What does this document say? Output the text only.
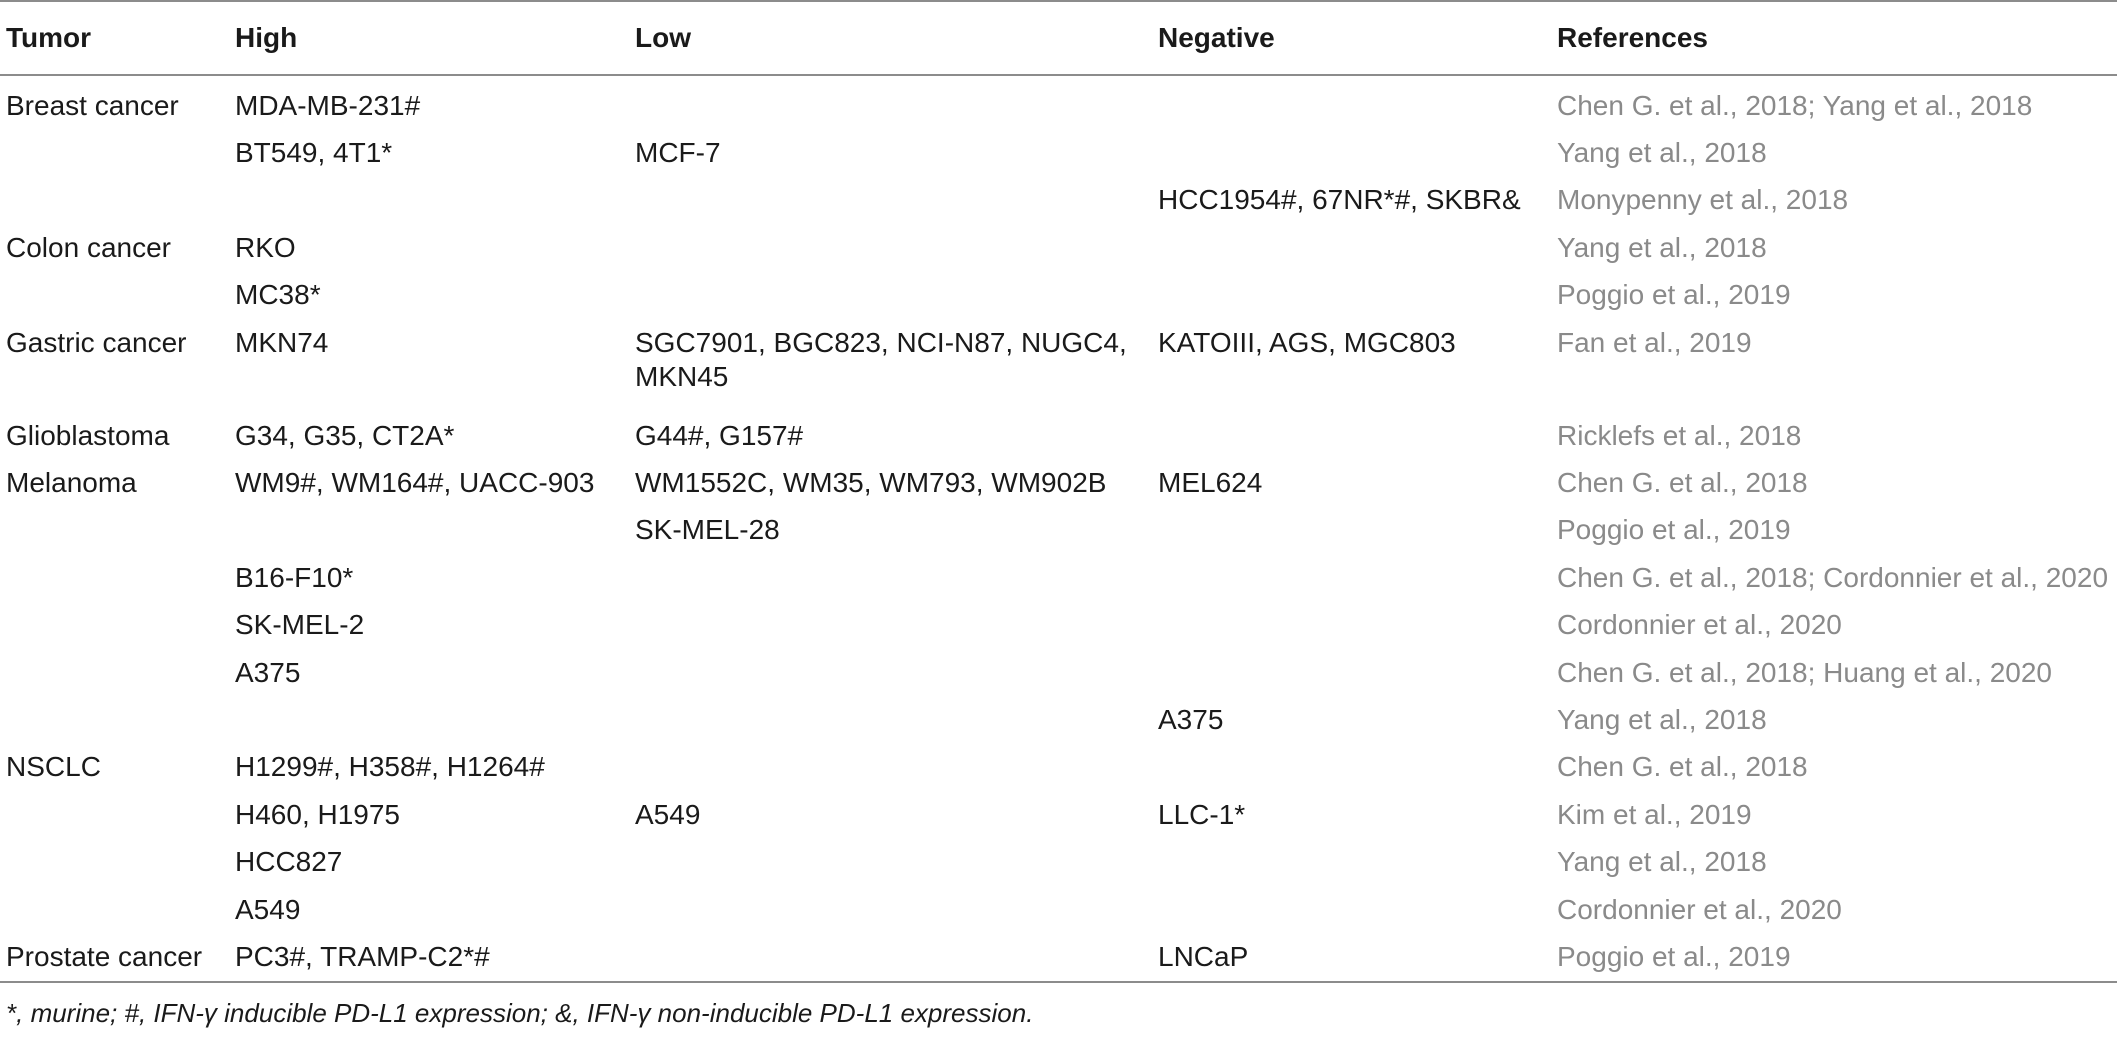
Tumor	High	Low	Negative	References
Breast cancer	MDA-MB-231#			Chen G. et al., 2018; Yang et al., 2018
	BT549, 4T1*	MCF-7		Yang et al., 2018
			HCC1954#, 67NR*#, SKBR&	Monypenny et al., 2018
Colon cancer	RKO			Yang et al., 2018
	MC38*			Poggio et al., 2019
Gastric cancer	MKN74	SGC7901, BGC823, NCI-N87, NUGC4, MKN45	KATOIII, AGS, MGC803	Fan et al., 2019
Glioblastoma	G34, G35, CT2A*	G44#, G157#		Ricklefs et al., 2018
Melanoma	WM9#, WM164#, UACC-903	WM1552C, WM35, WM793, WM902B	MEL624	Chen G. et al., 2018
		SK-MEL-28		Poggio et al., 2019
	B16-F10*			Chen G. et al., 2018; Cordonnier et al., 2020
	SK-MEL-2			Cordonnier et al., 2020
	A375			Chen G. et al., 2018; Huang et al., 2020
			A375	Yang et al., 2018
NSCLC	H1299#, H358#, H1264#			Chen G. et al., 2018
	H460, H1975	A549	LLC-1*	Kim et al., 2019
	HCC827			Yang et al., 2018
	A549			Cordonnier et al., 2020
Prostate cancer	PC3#, TRAMP-C2*#		LNCaP	Poggio et al., 2019
*, murine; #, IFN-γ inducible PD-L1 expression; &, IFN-γ non-inducible PD-L1 expression.
